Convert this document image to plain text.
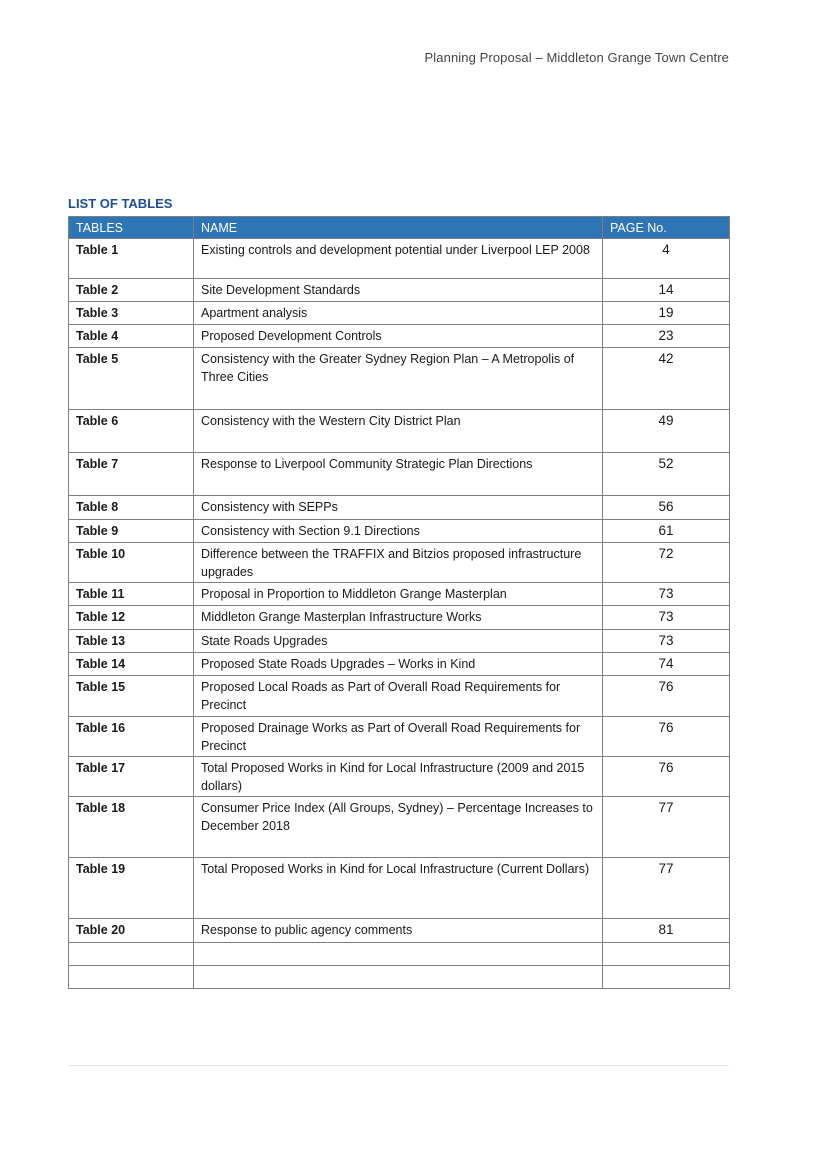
Planning Proposal – Middleton Grange Town Centre
LIST OF TABLES
TABLES	NAME	PAGE No.
Table 1	Existing controls and development potential under Liverpool LEP 2008	4
Table 2	Site Development Standards	14
Table 3	Apartment analysis	19
Table 4	Proposed Development Controls	23
Table 5	Consistency with the Greater Sydney Region Plan – A Metropolis of Three Cities	42
Table 6	Consistency with the Western City District Plan	49
Table 7	Response to Liverpool Community Strategic Plan Directions	52
Table 8	Consistency with SEPPs	56
Table 9	Consistency with Section 9.1 Directions	61
Table 10	Difference between the TRAFFIX and Bitzios proposed infrastructure upgrades	72
Table 11	Proposal in Proportion to Middleton Grange Masterplan	73
Table 12	Middleton Grange Masterplan Infrastructure Works	73
Table 13	State Roads Upgrades	73
Table 14	Proposed State Roads Upgrades – Works in Kind	74
Table 15	Proposed Local Roads as Part of Overall Road Requirements for Precinct	76
Table 16	Proposed Drainage Works as Part of Overall Road Requirements for Precinct	76
Table 17	Total Proposed Works in Kind for Local Infrastructure (2009 and 2015 dollars)	76
Table 18	Consumer Price Index (All Groups, Sydney) – Percentage Increases to December 2018	77
Table 19	Total Proposed Works in Kind for Local Infrastructure (Current Dollars)	77
Table 20	Response to public agency comments	81
